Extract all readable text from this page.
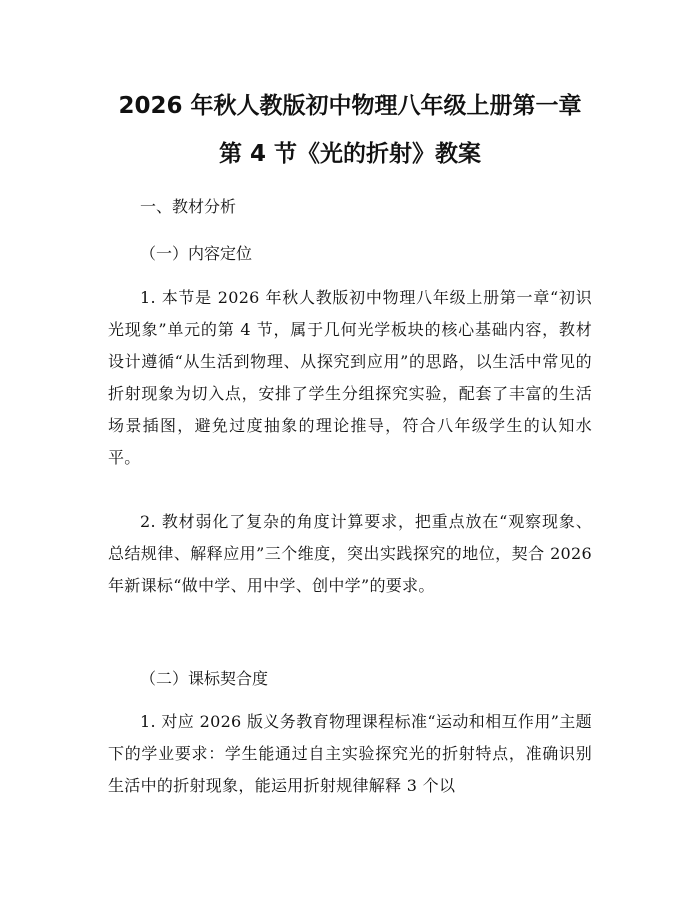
2026 年秋人教版初中物理八年级上册第一章
第 4 节《光的折射》教案

一、教材分析

（一）内容定位

1. 本节是 2026 年秋人教版初中物理八年级上册第一章“初识光现象”单元的第 4 节，属于几何光学板块的核心基础内容，教材设计遵循“从生活到物理、从探究到应用”的思路，以生活中常见的折射现象为切入点，安排了学生分组探究实验，配套了丰富的生活场景插图，避免过度抽象的理论推导，符合八年级学生的认知水平。

2. 教材弱化了复杂的角度计算要求，把重点放在“观察现象、总结规律、解释应用”三个维度，突出实践探究的地位，契合 2026 年新课标“做中学、用中学、创中学”的要求。

（二）课标契合度

1. 对应 2026 版义务教育物理课程标准“运动和相互作用”主题下的学业要求：学生能通过自主实验探究光的折射特点，准确识别生活中的折射现象，能运用折射规律解释 3 个以
